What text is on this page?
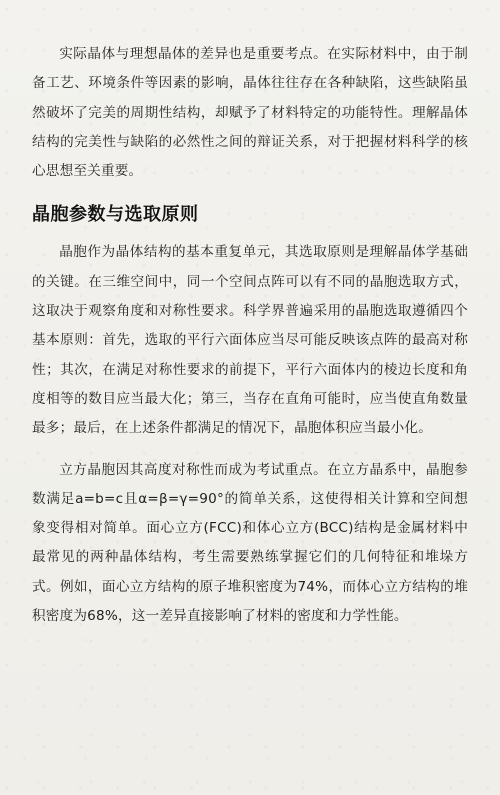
实际晶体与理想晶体的差异也是重要考点。在实际材料中，由于制备工艺、环境条件等因素的影响，晶体往往存在各种缺陷，这些缺陷虽然破坏了完美的周期性结构，却赋予了材料特定的功能特性。理解晶体结构的完美性与缺陷的必然性之间的辩证关系，对于把握材料科学的核心思想至关重要。

晶胞参数与选取原则

晶胞作为晶体结构的基本重复单元，其选取原则是理解晶体学基础的关键。在三维空间中，同一个空间点阵可以有不同的晶胞选取方式，这取决于观察角度和对称性要求。科学界普遍采用的晶胞选取遵循四个基本原则：首先，选取的平行六面体应当尽可能反映该点阵的最高对称性；其次，在满足对称性要求的前提下，平行六面体内的棱边长度和角度相等的数目应当最大化；第三，当存在直角可能时，应当使直角数量最多；最后，在上述条件都满足的情况下，晶胞体积应当最小化。

立方晶胞因其高度对称性而成为考试重点。在立方晶系中，晶胞参数满足a=b=c且α=β=γ=90°的简单关系，这使得相关计算和空间想象变得相对简单。面心立方(FCC)和体心立方(BCC)结构是金属材料中最常见的两种晶体结构，考生需要熟练掌握它们的几何特征和堆垛方式。例如，面心立方结构的原子堆积密度为74%，而体心立方结构的堆积密度为68%，这一差异直接影响了材料的密度和力学性能。
